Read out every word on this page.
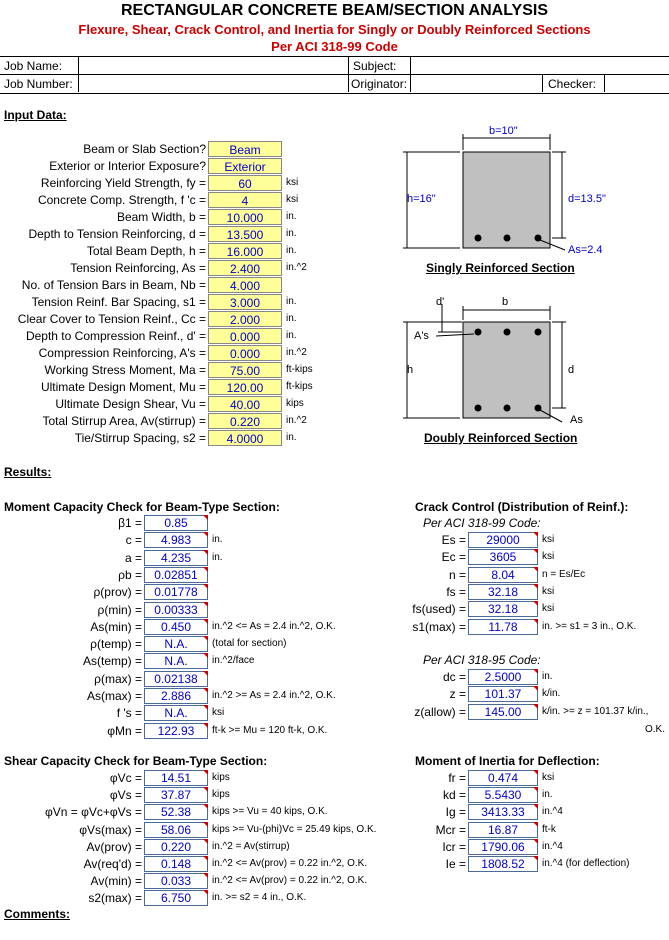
RECTANGULAR CONCRETE BEAM/SECTION ANALYSIS
Flexure, Shear, Crack Control, and Inertia for Singly or Doubly Reinforced Sections
Per ACI 318-99 Code
Job Name:	Subject:
Job Number:	Originator:	Checker:
Input Data:
Beam or Slab Section?	Beam
Exterior or Interior Exposure?	Exterior
Reinforcing Yield Strength, fy =	60	ksi
Concrete Comp. Strength, f 'c =	4	ksi
Beam Width, b =	10.000	in.
Depth to Tension Reinforcing, d =	13.500	in.
Total Beam Depth, h =	16.000	in.
Tension Reinforcing, As =	2.400	in.^2
No. of Tension Bars in Beam, Nb =	4.000
Tension Reinf. Bar Spacing, s1 =	3.000	in.
Clear Cover to Tension Reinf., Cc =	2.000	in.
Depth to Compression Reinf., d' =	0.000	in.
Compression Reinforcing, A's =	0.000	in.^2
Working Stress Moment, Ma =	75.00	ft-kips
Ultimate Design Moment, Mu =	120.00	ft-kips
Ultimate Design Shear, Vu =	40.00	kips
Total Stirrup Area, Av(stirrup) =	0.220	in.^2
Tie/Stirrup Spacing, s2 =	4.0000	in.
b=10"
h=16"	d=13.5"
As=2.4
Singly Reinforced Section
d'	b
A's
h	d
As
Doubly Reinforced Section
Results:
Moment Capacity Check for Beam-Type Section:
β1 =	0.85
c =	4.983	in.
a =	4.235	in.
ρb =	0.02851
ρ(prov) =	0.01778
ρ(min) =	0.00333
As(min) =	0.450	in.^2 <= As = 2.4 in.^2, O.K.
ρ(temp) =	N.A.	(total for section)
As(temp) =	N.A.	in.^2/face
ρ(max) =	0.02138
As(max) =	2.886	in.^2 >= As = 2.4 in.^2, O.K.
f 's =	N.A.	ksi
φMn =	122.93	ft-k >= Mu = 120 ft-k, O.K.
Crack Control (Distribution of Reinf.):
Per ACI 318-99 Code:
Es =	29000	ksi
Ec =	3605	ksi
n =	8.04	n = Es/Ec
fs =	32.18	ksi
fs(used) =	32.18	ksi
s1(max) =	11.78	in. >= s1 = 3 in., O.K.
Per ACI 318-95 Code:
dc =	2.5000	in.
z =	101.37	k/in.
z(allow) =	145.00	k/in. >= z = 101.37 k/in.,
O.K.
Shear Capacity Check for Beam-Type Section:
φVc =	14.51	kips
φVs =	37.87	kips
φVn = φVc+φVs =	52.38	kips >= Vu = 40 kips, O.K.
φVs(max) =	58.06	kips >= Vu-(phi)Vc = 25.49 kips, O.K.
Av(prov) =	0.220	in.^2 = Av(stirrup)
Av(req'd) =	0.148	in.^2 <= Av(prov) = 0.22 in.^2, O.K.
Av(min) =	0.033	in.^2 <= Av(prov) = 0.22 in.^2, O.K.
s2(max) =	6.750	in. >= s2 = 4 in., O.K.
Moment of Inertia for Deflection:
fr =	0.474	ksi
kd =	5.5430	in.
Ig =	3413.33	in.^4
Mcr =	16.87	ft-k
Icr =	1790.06	in.^4
Ie =	1808.52	in.^4 (for deflection)
Comments:
